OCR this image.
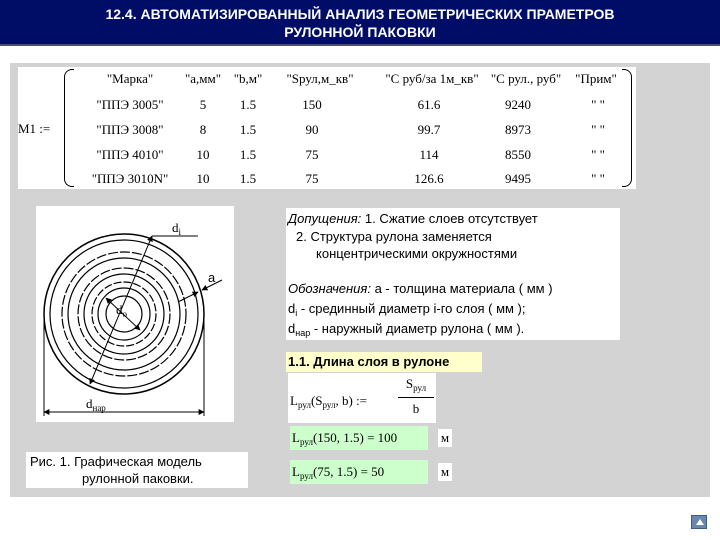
12.4. АВТОМАТИЗИРОВАННЫЙ АНАЛИЗ ГЕОМЕТРИЧЕСКИХ ПРАМЕТРОВ
РУЛОННОЙ ПАКОВКИ
M1 :=
"Марка" "a,мм" "b,м" "Sрул,м_кв" "С руб/за 1м_кв" "С рул., руб" "Прим"
"ППЭ 3005"	5	1.5	150	61.6	9240	" "
"ППЭ 3008"	8	1.5	90	99.7	8973	" "
"ППЭ 4010"	10 1.5	75	114	8550	" "
"ППЭ 3010N" 10 1.5	75	126.6	9495	" "
$d_i$
a
$d_o$
$d_{нар}$
Рис. 1. Графическая модель
рулонной паковки.
Допущения: 1. Сжатие слоев отсутствует
2. Структура рулона заменяется
концентрическими окружностями
Обозначения: a - толщина материала ( мм )
$d_i$ - срединный диаметр i-го слоя ( мм );
$d_{нар}$ - наружный диаметр рулона ( мм ).
1.1. Длина слоя в рулоне
$L_{рул}(S_{рул}$, b) :=
$S_{рул}$
b
$L_{рул}(150$, 1.5) = 100	м
$L_{рул}(75$, 1.5) = 50	м
